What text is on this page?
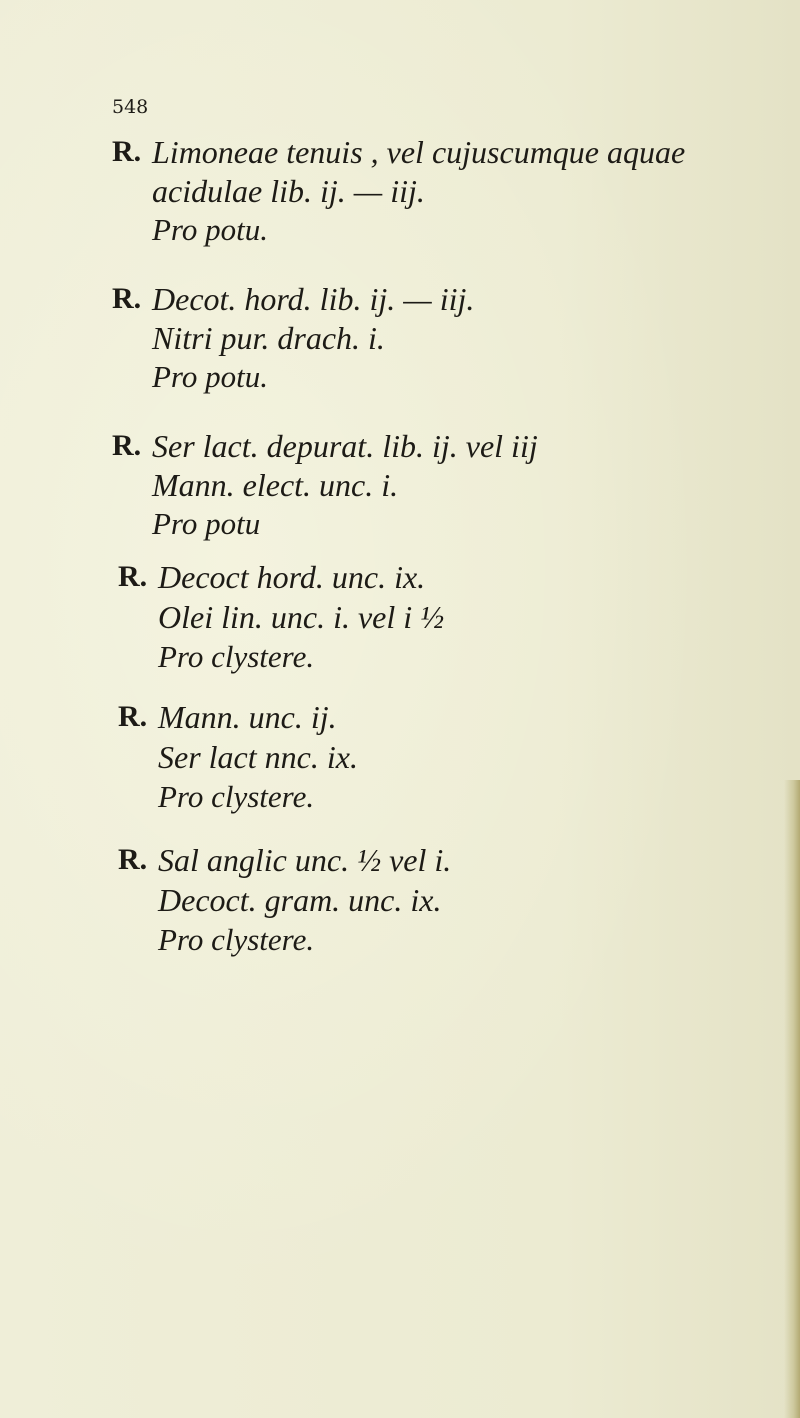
548
R. Limoneae tenuis , vel cujuscumque aquae
acidulae lib. ij. — iij.
Pro potu.
R. Decot. hord. lib. ij. — iij.
Nitri pur. drach. i.
Pro potu.
R. Ser lact. depurat. lib. ij. vel iij
Mann. elect. unc. i.
Pro potu
R. Decoct hord. unc. ix.
Olei lin. unc. i. vel i ½
Pro clystere.
R. Mann. unc. ij.
Ser lact nnc. ix.
Pro clystere.
R. Sal anglic unc. ½ vel i.
Decoct. gram. unc. ix.
Pro clystere.
